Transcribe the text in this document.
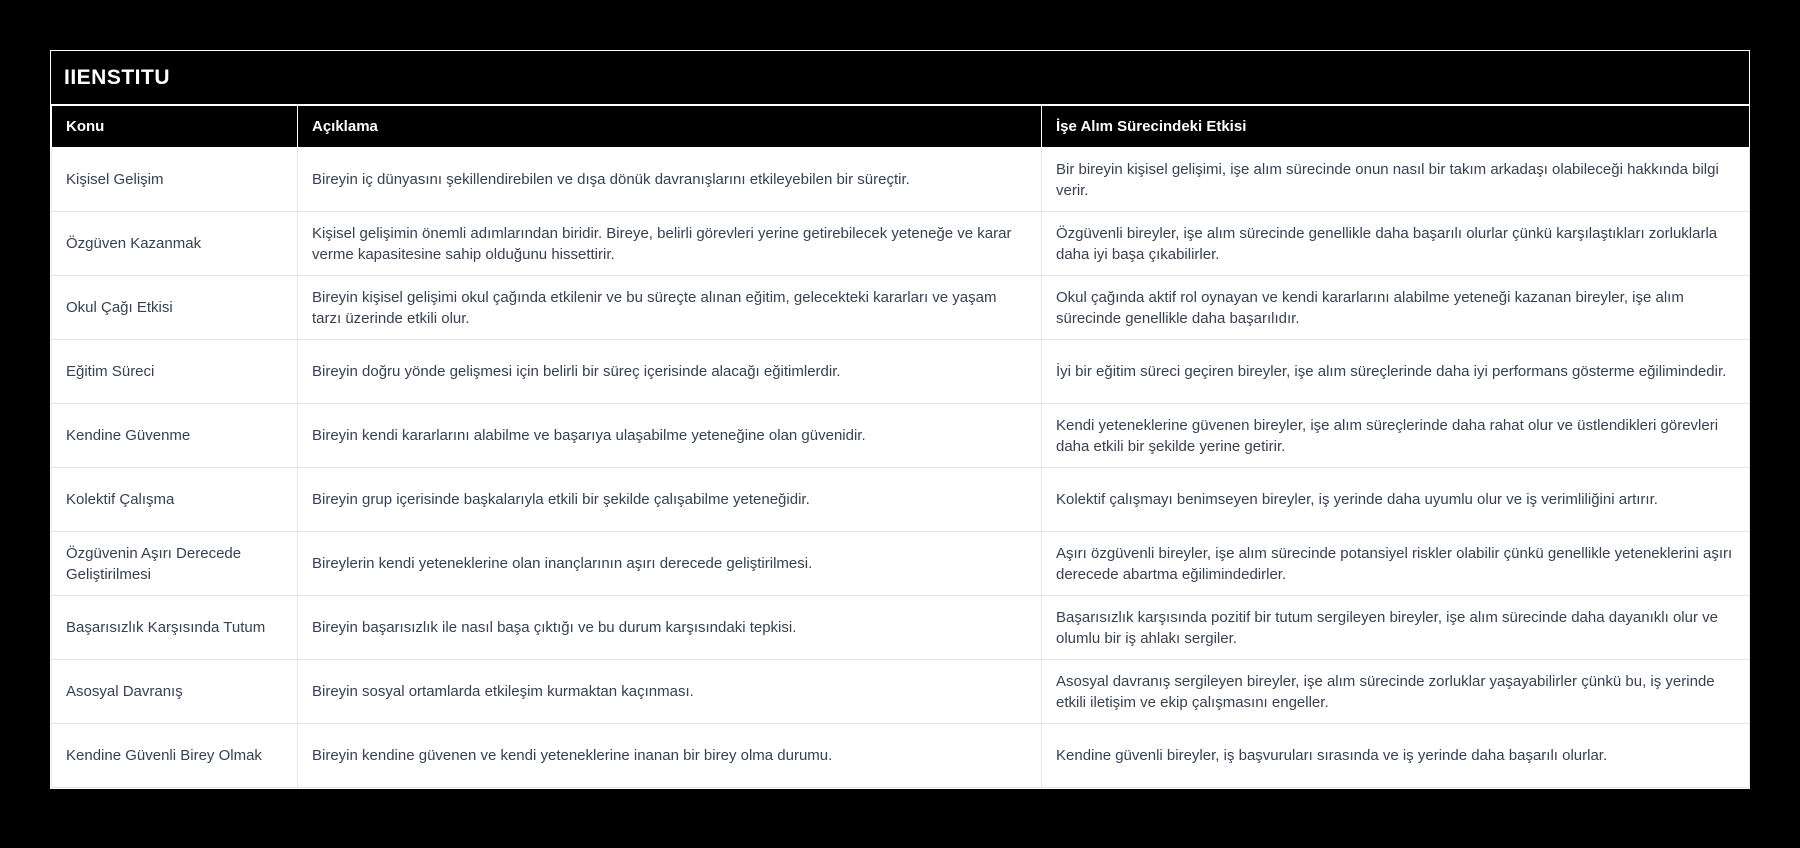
IIENSTITU
Konu	Açıklama	İşe Alım Sürecindeki Etkisi
Kişisel Gelişim	Bireyin iç dünyasını şekillendirebilen ve dışa dönük davranışlarını etkileyebilen bir süreçtir.	Bir bireyin kişisel gelişimi, işe alım sürecinde onun nasıl bir takım arkadaşı olabileceği hakkında bilgi verir.
Özgüven Kazanmak	Kişisel gelişimin önemli adımlarından biridir. Bireye, belirli görevleri yerine getirebilecek yeteneğe ve karar verme kapasitesine sahip olduğunu hissettirir.	Özgüvenli bireyler, işe alım sürecinde genellikle daha başarılı olurlar çünkü karşılaştıkları zorluklarla daha iyi başa çıkabilirler.
Okul Çağı Etkisi	Bireyin kişisel gelişimi okul çağında etkilenir ve bu süreçte alınan eğitim, gelecekteki kararları ve yaşam tarzı üzerinde etkili olur.	Okul çağında aktif rol oynayan ve kendi kararlarını alabilme yeteneği kazanan bireyler, işe alım sürecinde genellikle daha başarılıdır.
Eğitim Süreci	Bireyin doğru yönde gelişmesi için belirli bir süreç içerisinde alacağı eğitimlerdir.	İyi bir eğitim süreci geçiren bireyler, işe alım süreçlerinde daha iyi performans gösterme eğilimindedir.
Kendine Güvenme	Bireyin kendi kararlarını alabilme ve başarıya ulaşabilme yeteneğine olan güvenidir.	Kendi yeteneklerine güvenen bireyler, işe alım süreçlerinde daha rahat olur ve üstlendikleri görevleri daha etkili bir şekilde yerine getirir.
Kolektif Çalışma	Bireyin grup içerisinde başkalarıyla etkili bir şekilde çalışabilme yeteneğidir.	Kolektif çalışmayı benimseyen bireyler, iş yerinde daha uyumlu olur ve iş verimliliğini artırır.
Özgüvenin Aşırı Derecede Geliştirilmesi	Bireylerin kendi yeteneklerine olan inançlarının aşırı derecede geliştirilmesi.	Aşırı özgüvenli bireyler, işe alım sürecinde potansiyel riskler olabilir çünkü genellikle yeteneklerini aşırı derecede abartma eğilimindedirler.
Başarısızlık Karşısında Tutum	Bireyin başarısızlık ile nasıl başa çıktığı ve bu durum karşısındaki tepkisi.	Başarısızlık karşısında pozitif bir tutum sergileyen bireyler, işe alım sürecinde daha dayanıklı olur ve olumlu bir iş ahlakı sergiler.
Asosyal Davranış	Bireyin sosyal ortamlarda etkileşim kurmaktan kaçınması.	Asosyal davranış sergileyen bireyler, işe alım sürecinde zorluklar yaşayabilirler çünkü bu, iş yerinde etkili iletişim ve ekip çalışmasını engeller.
Kendine Güvenli Birey Olmak	Bireyin kendine güvenen ve kendi yeteneklerine inanan bir birey olma durumu.	Kendine güvenli bireyler, iş başvuruları sırasında ve iş yerinde daha başarılı olurlar.
